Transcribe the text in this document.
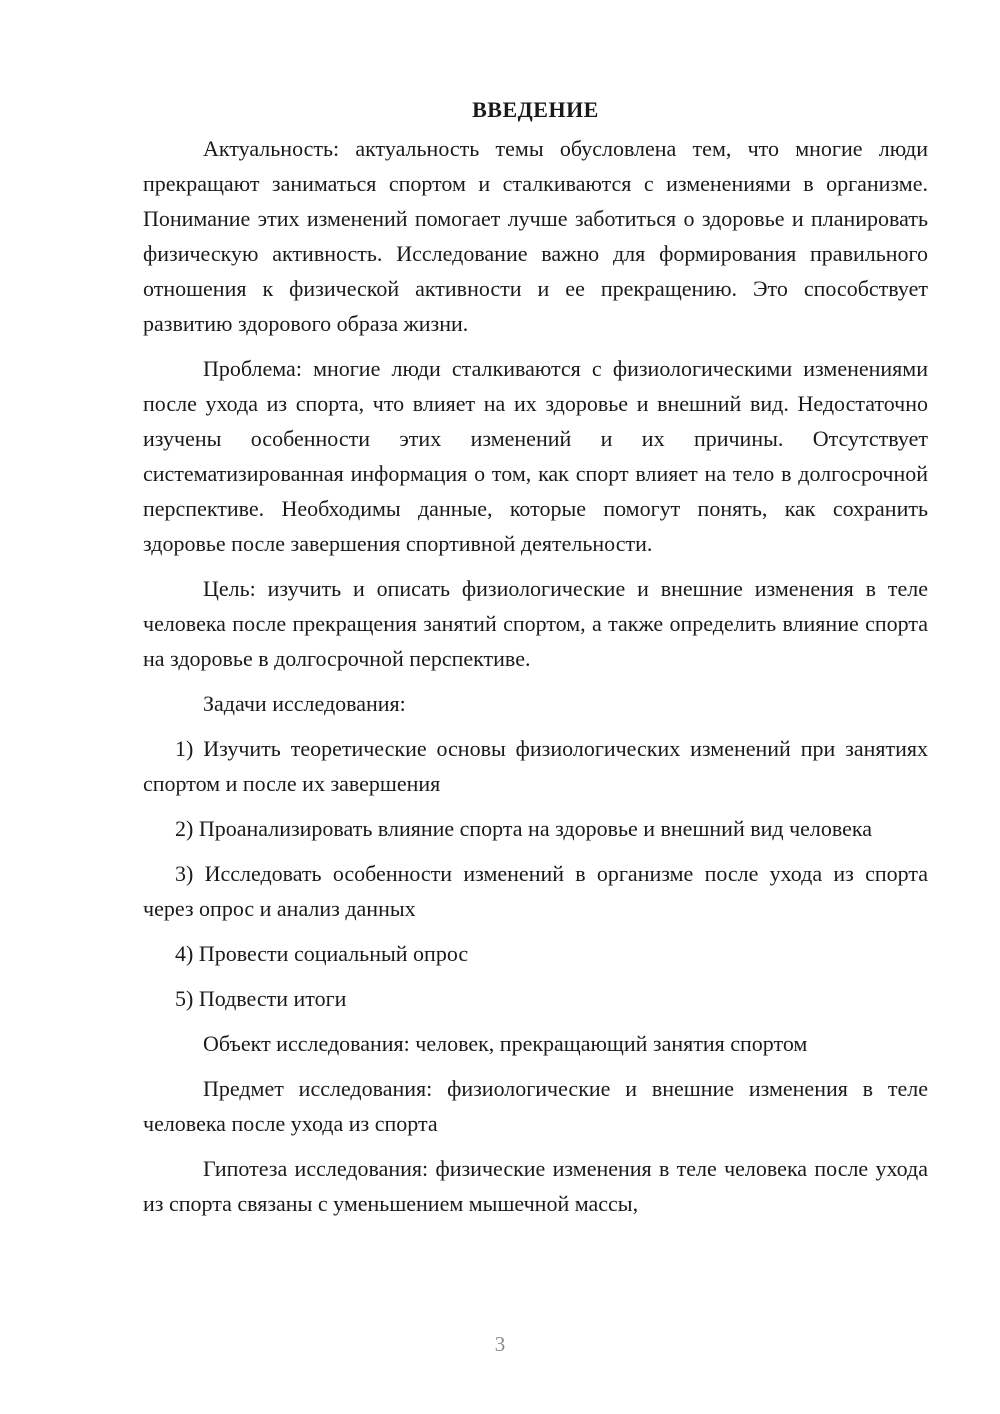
ВВЕДЕНИЕ

Актуальность: актуальность темы обусловлена тем, что многие люди прекращают заниматься спортом и сталкиваются с изменениями в организме. Понимание этих изменений помогает лучше заботиться о здоровье и планировать физическую активность. Исследование важно для формирования правильного отношения к физической активности и ее прекращению. Это способствует развитию здорового образа жизни.

Проблема: многие люди сталкиваются с физиологическими изменениями после ухода из спорта, что влияет на их здоровье и внешний вид. Недостаточно изучены особенности этих изменений и их причины. Отсутствует систематизированная информация о том, как спорт влияет на тело в долгосрочной перспективе. Необходимы данные, которые помогут понять, как сохранить здоровье после завершения спортивной деятельности.

Цель: изучить и описать физиологические и внешние изменения в теле человека после прекращения занятий спортом, а также определить влияние спорта на здоровье в долгосрочной перспективе.

Задачи исследования:

1) Изучить теоретические основы физиологических изменений при занятиях спортом и после их завершения

2) Проанализировать влияние спорта на здоровье и внешний вид человека

3) Исследовать особенности изменений в организме после ухода из спорта через опрос и анализ данных

4) Провести социальный опрос

5) Подвести итоги

Объект исследования: человек, прекращающий занятия спортом

Предмет исследования: физиологические и внешние изменения в теле человека после ухода из спорта

Гипотеза исследования: физические изменения в теле человека после ухода из спорта связаны с уменьшением мышечной массы,

3
